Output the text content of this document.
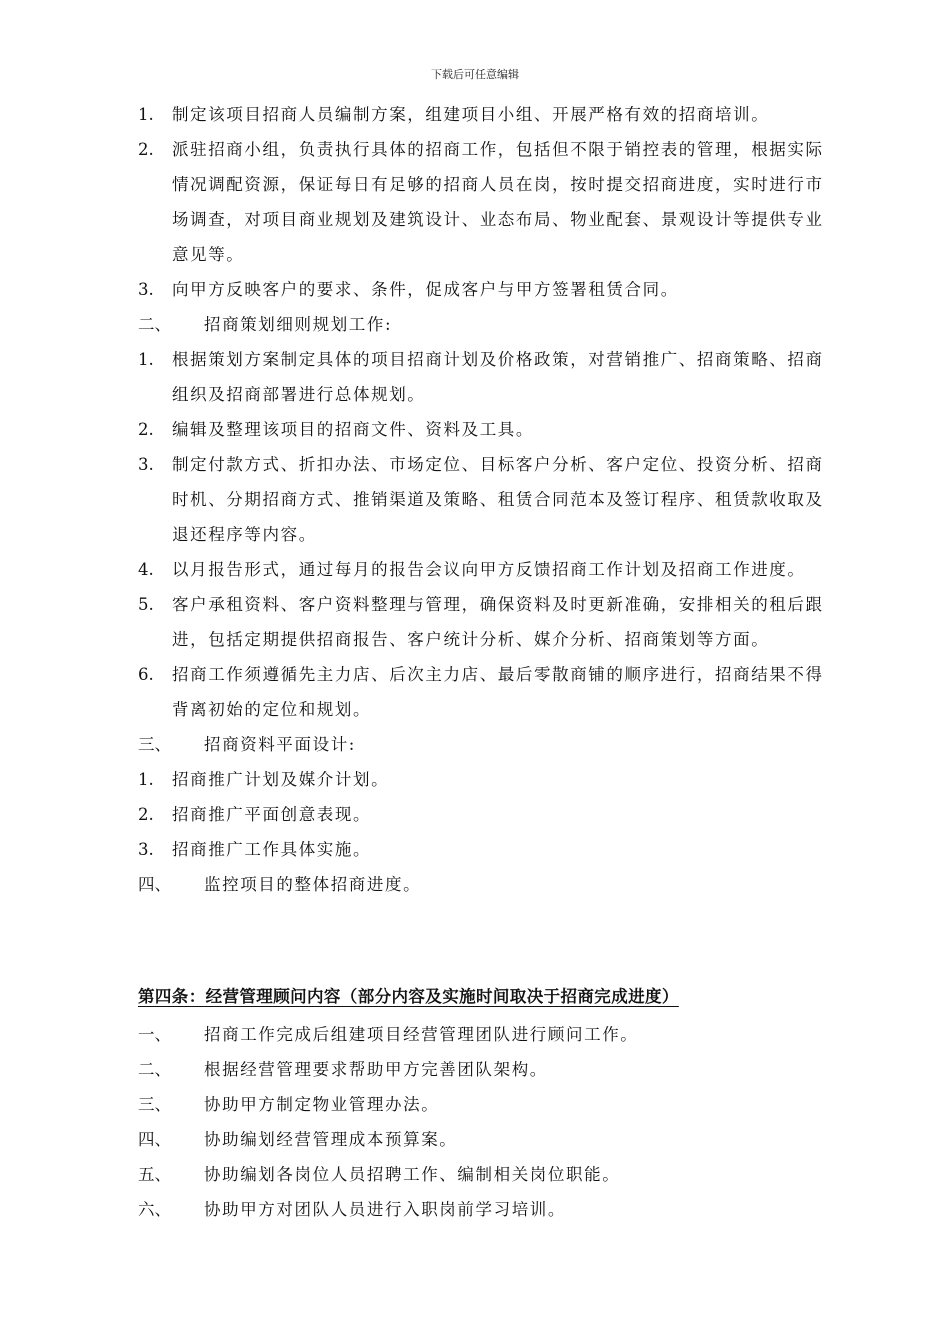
下载后可任意编辑
1.	制定该项目招商人员编制方案，组建项目小组、开展严格有效的招商培训。
2.	派驻招商小组，负责执行具体的招商工作，包括但不限于销控表的管理，根据实际
情况调配资源，保证每日有足够的招商人员在岗，按时提交招商进度，实时进行市
场调查，对项目商业规划及建筑设计、业态布局、物业配套、景观设计等提供专业
意见等。
3.	向甲方反映客户的要求、条件，促成客户与甲方签署租赁合同。
二、	招商策划细则规划工作:
1.	根据策划方案制定具体的项目招商计划及价格政策，对营销推广、招商策略、招商
组织及招商部署进行总体规划。
2.	编辑及整理该项目的招商文件、资料及工具。
3.	制定付款方式、折扣办法、市场定位、目标客户分析、客户定位、投资分析、招商
时机、分期招商方式、推销渠道及策略、租赁合同范本及签订程序、租赁款收取及
退还程序等内容。
4.	以月报告形式，通过每月的报告会议向甲方反馈招商工作计划及招商工作进度。
5.	客户承租资料、客户资料整理与管理，确保资料及时更新准确，安排相关的租后跟
进，包括定期提供招商报告、客户统计分析、媒介分析、招商策划等方面。
6.	招商工作须遵循先主力店、后次主力店、最后零散商铺的顺序进行，招商结果不得
背离初始的定位和规划。
三、	招商资料平面设计:
1.	招商推广计划及媒介计划。
2.	招商推广平面创意表现。
3.	招商推广工作具体实施。
四、	监控项目的整体招商进度。
第四条：经营管理顾问内容（部分内容及实施时间取决于招商完成进度）
一、	招商工作完成后组建项目经营管理团队进行顾问工作。
二、	根据经营管理要求帮助甲方完善团队架构。
三、	协助甲方制定物业管理办法。
四、	协助编划经营管理成本预算案。
五、	协助编划各岗位人员招聘工作、编制相关岗位职能。
六、	协助甲方对团队人员进行入职岗前学习培训。
